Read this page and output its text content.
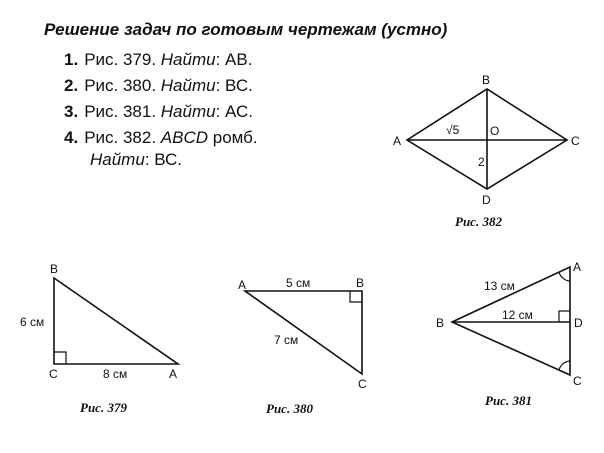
Решение задач по готовым чертежам (устно)
1. Рис. 379. Найти: АВ.
2. Рис. 380. Найти: ВС.
3. Рис. 381. Найти: АС.
4. Рис. 382. ABCD ромб.
Найти: ВС.
A
B
C
D
O
√5
2
Рис. 382
B
C	A
6 см
8 см
Рис. 379
A	B
C
5 см
7 см
Рис. 380
A
B
C
D
13 см
12 см
Рис. 381
